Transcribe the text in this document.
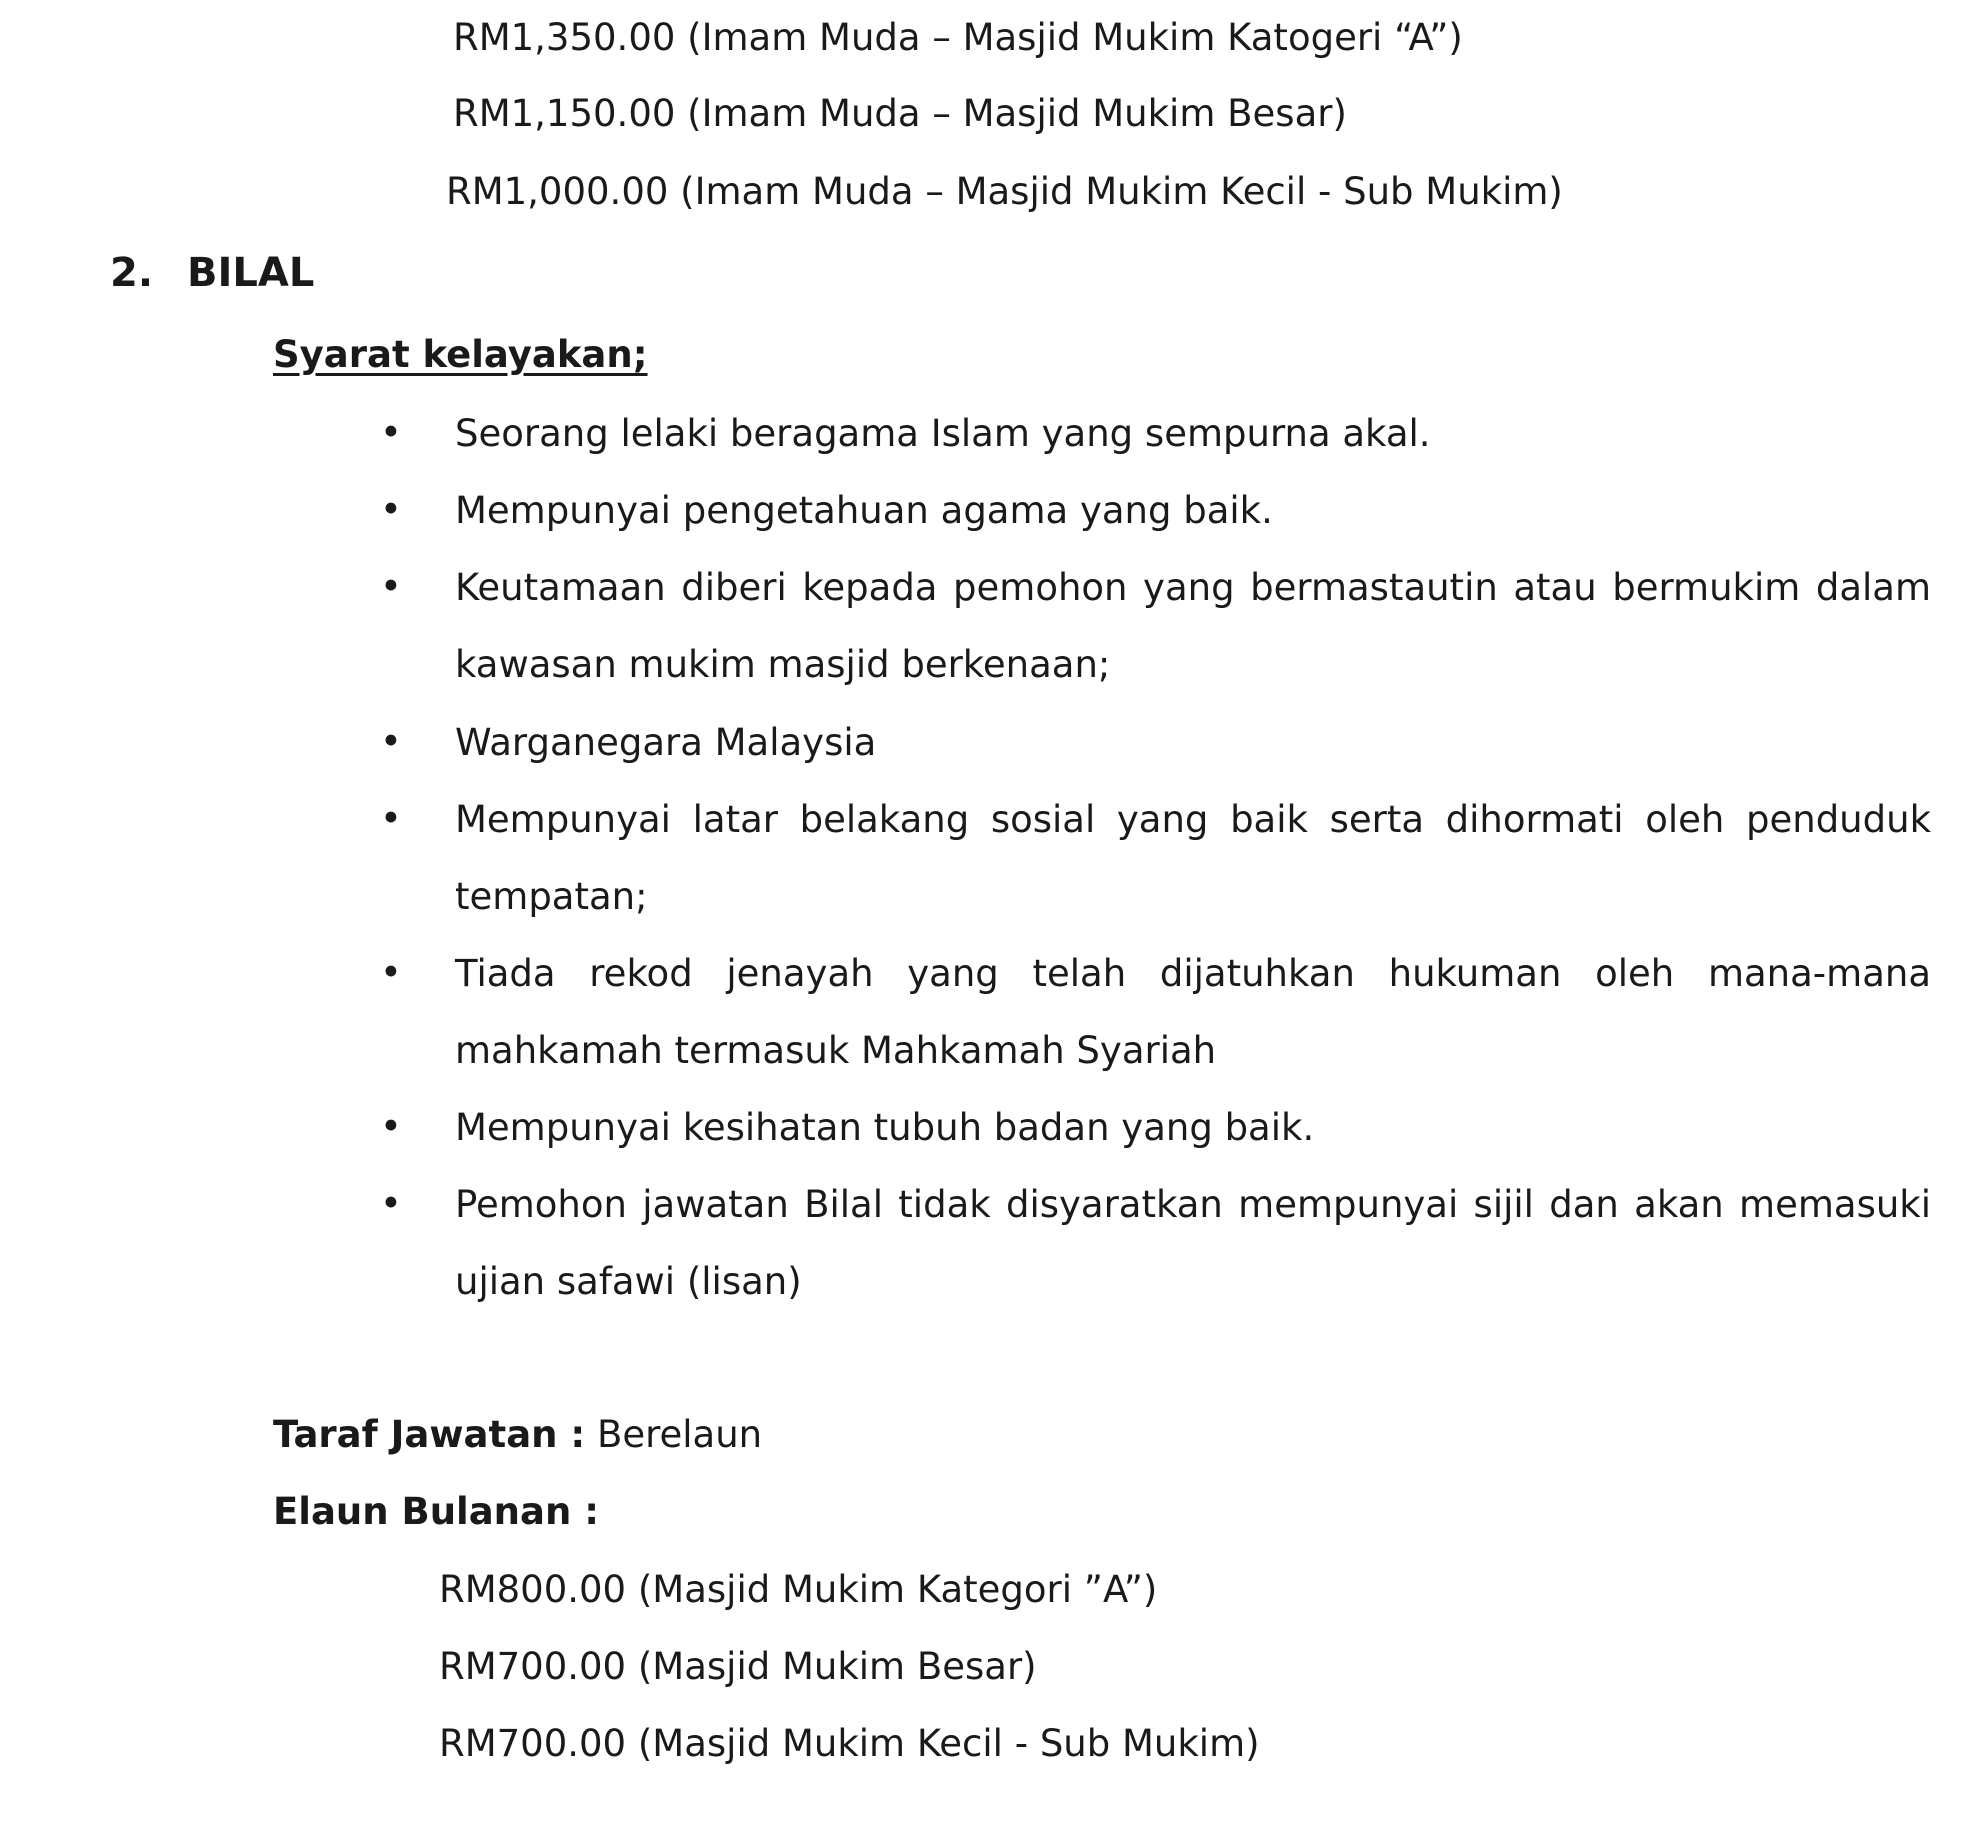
RM1,350.00 (Imam Muda – Masjid Mukim Katogeri “A”)
RM1,150.00 (Imam Muda – Masjid Mukim Besar)
RM1,000.00 (Imam Muda – Masjid Mukim Kecil - Sub Mukim)
2. BILAL
Syarat kelayakan;
• Seorang lelaki beragama Islam yang sempurna akal.
• Mempunyai pengetahuan agama yang baik.
• Keutamaan diberi kepada pemohon yang bermastautin atau bermukim dalam kawasan mukim masjid berkenaan;
• Warganegara Malaysia
• Mempunyai latar belakang sosial yang baik serta dihormati oleh penduduk tempatan;
• Tiada rekod jenayah yang telah dijatuhkan hukuman oleh mana-mana mahkamah termasuk Mahkamah Syariah
• Mempunyai kesihatan tubuh badan yang baik.
• Pemohon jawatan Bilal tidak disyaratkan mempunyai sijil dan akan memasuki ujian safawi (lisan)
Taraf Jawatan : Berelaun
Elaun Bulanan :
RM800.00 (Masjid Mukim Kategori ”A”)
RM700.00 (Masjid Mukim Besar)
RM700.00 (Masjid Mukim Kecil - Sub Mukim)
